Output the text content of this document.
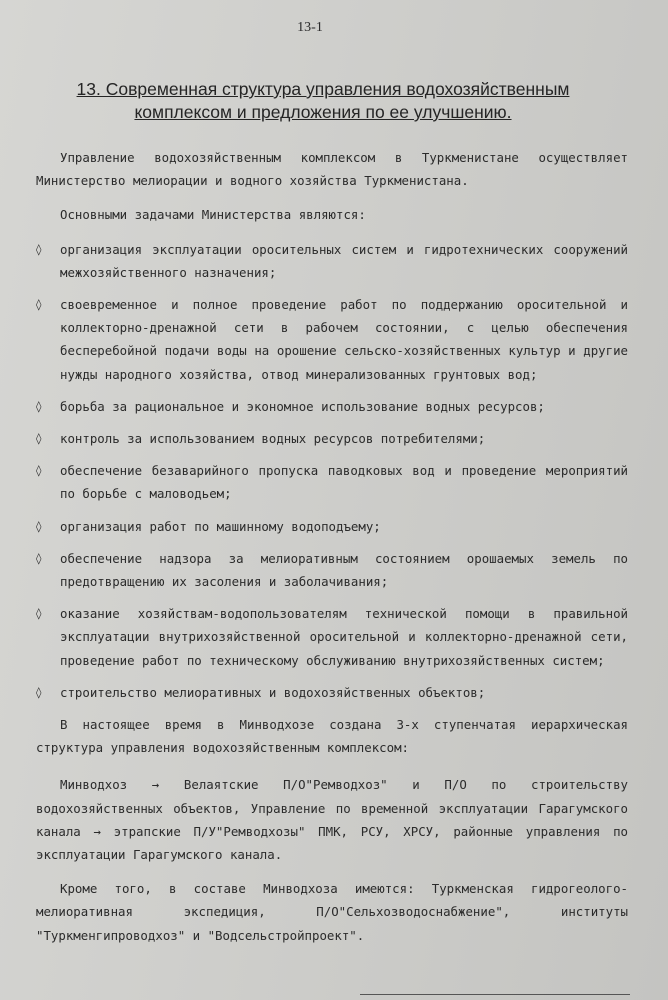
13-1
13. Современная структура управления водохозяйственным комплексом и предложения по ее улучшению.

Управление водохозяйственным комплексом в Туркменистане осуществляет Министерство мелиорации и водного хозяйства Туркменистана.

Основными задачами Министерства являются:

◊	организация эксплуатации оросительных систем и гидротехнических сооружений межхозяйственного назначения;
◊	своевременное и полное проведение работ по поддержанию оросительной и коллекторно-дренажной сети в рабочем состоянии, с целью обеспечения бесперебойной подачи воды на орошение сельско-хозяйственных культур и другие нужды народного хозяйства, отвод минерализованных грунтовых вод;
◊	борьба за рациональное и экономное использование водных ресурсов;
◊	контроль за использованием водных ресурсов потребителями;
◊	обеспечение безаварийного пропуска паводковых вод и проведение мероприятий по борьбе с маловодьем;
◊	организация работ по машинному водоподъему;
◊	обеспечение надзора за мелиоративным состоянием орошаемых земель по предотвращению их засоления и заболачивания;
◊	оказание хозяйствам-водопользователям технической помощи в правильной эксплуатации внутрихозяйственной оросительной и коллекторно-дренажной сети, проведение работ по техническому обслуживанию внутрихозяйственных систем;
◊	строительство мелиоративных и водохозяйственных объектов;

В настоящее время в Минводхозе создана 3-х ступенчатая иерархическая структура управления водохозяйственным комплексом:

Минводхоз → Велаятские П/О"Ремводхоз" и П/О по строительству водохозяйственных объектов, Управление по временной эксплуатации Гарагумского канала → этрапские П/У"Ремводхозы" ПМК, РСУ, ХРСУ, районные управления по эксплуатации Гарагумского канала.

Кроме того, в составе Минводхоза имеются: Туркменская гидрогеолого-мелиоративная экспедиция, П/О"Сельхозводоснабжение", институты "Туркменгипроводхоз" и "Водсельстройпроект".
